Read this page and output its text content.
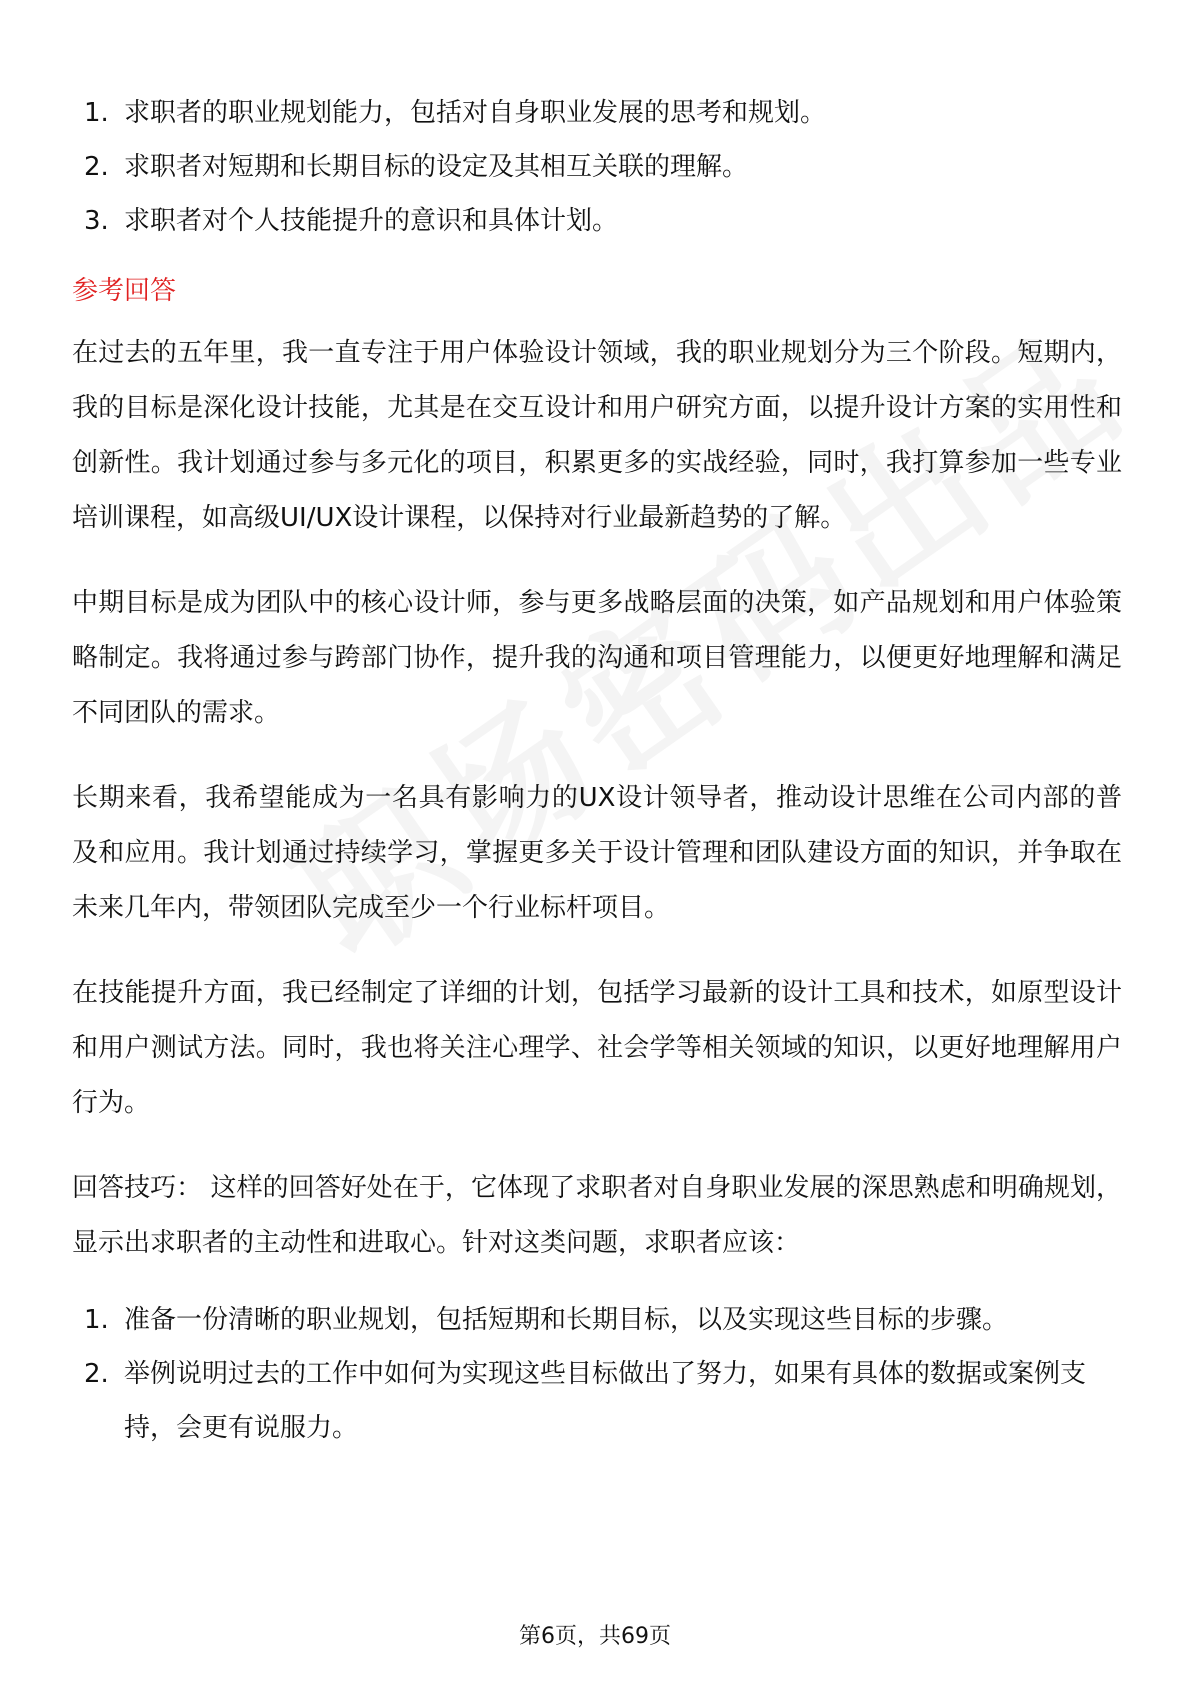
1. 求职者的职业规划能力，包括对自身职业发展的思考和规划。
2. 求职者对短期和长期目标的设定及其相互关联的理解。
3. 求职者对个人技能提升的意识和具体计划。
参考回答

在过去的五年里，我一直专注于用户体验设计领域，我的职业规划分为三个阶段。短期内，我的目标是深化设计技能，尤其是在交互设计和用户研究方面，以提升设计方案的实用性和创新性。我计划通过参与多元化的项目，积累更多的实战经验，同时，我打算参加一些专业培训课程，如高级UI/UX设计课程，以保持对行业最新趋势的了解。

中期目标是成为团队中的核心设计师，参与更多战略层面的决策，如产品规划和用户体验策略制定。我将通过参与跨部门协作，提升我的沟通和项目管理能力，以便更好地理解和满足不同团队的需求。

长期来看，我希望能成为一名具有影响力的UX设计领导者，推动设计思维在公司内部的普及和应用。我计划通过持续学习，掌握更多关于设计管理和团队建设方面的知识，并争取在未来几年内，带领团队完成至少一个行业标杆项目。

在技能提升方面，我已经制定了详细的计划，包括学习最新的设计工具和技术，如原型设计和用户测试方法。同时，我也将关注心理学、社会学等相关领域的知识，以更好地理解用户行为。

回答技巧： 这样的回答好处在于，它体现了求职者对自身职业发展的深思熟虑和明确规划，显示出求职者的主动性和进取心。针对这类问题，求职者应该：

1. 准备一份清晰的职业规划，包括短期和长期目标，以及实现这些目标的步骤。
2. 举例说明过去的工作中如何为实现这些目标做出了努力，如果有具体的数据或案例支持，会更有说服力。
第6页，共69页
